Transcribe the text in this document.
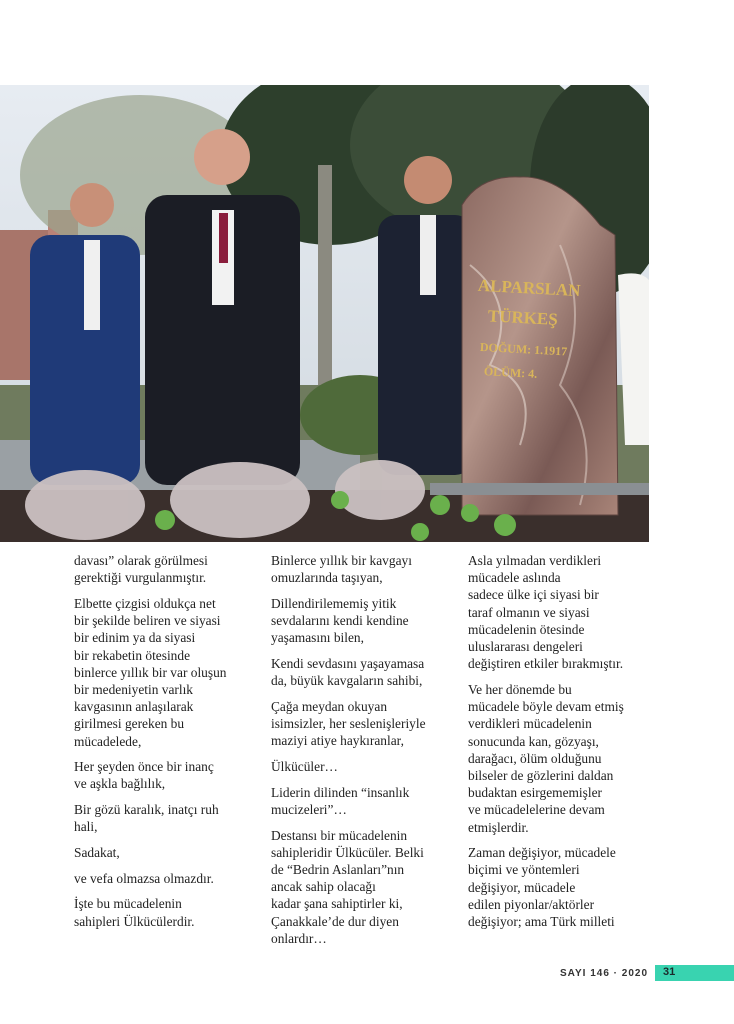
ALPARSLAN
TÜRKEŞ
DOĞUM: 1.1917
ÖLÜM: 4.

davası” olarak görülmesi
gerektiği vurgulanmıştır.

Elbette çizgisi oldukça net
bir şekilde beliren ve siyasi
bir edinim ya da siyasi
bir rekabetin ötesinde
binlerce yıllık bir var oluşun
bir medeniyetin varlık
kavgasının anlaşılarak
girilmesi gereken bu
mücadelede,

Her şeyden önce bir inanç
ve aşkla bağlılık,

Bir gözü karalık, inatçı ruh
hali,

Sadakat,

ve vefa olmazsa olmazdır.

İşte bu mücadelenin
sahipleri Ülkücülerdir.

Binlerce yıllık bir kavgayı
omuzlarında taşıyan,

Dillendirilememiş yitik
sevdalarını kendi kendine
yaşamasını bilen,

Kendi sevdasını yaşayamasa
da, büyük kavgaların sahibi,

Çağa meydan okuyan
isimsizler, her seslenişleriyle
maziyi atiye haykıranlar,

Ülkücüler…

Liderin dilinden “insanlık
mucizeleri”…

Destansı bir mücadelenin
sahipleridir Ülkücüler. Belki
de “Bedrin Aslanları”nın
ancak sahip olacağı
kadar şana sahiptirler ki,
Çanakkale’de dur diyen
onlardır…

Asla yılmadan verdikleri
mücadele aslında
sadece ülke içi siyasi bir
taraf olmanın ve siyasi
mücadelenin ötesinde
uluslararası dengeleri
değiştiren etkiler bırakmıştır.

Ve her dönemde bu
mücadele böyle devam etmiş
verdikleri mücadelenin
sonucunda kan, gözyaşı,
darağacı, ölüm olduğunu
bilseler de gözlerini daldan
budaktan esirgememişler
ve mücadelelerine devam
etmişlerdir.

Zaman değişiyor, mücadele
biçimi ve yöntemleri
değişiyor, mücadele
edilen piyonlar/aktörler
değişiyor; ama Türk milleti

SAYI 146 · 2020 31
